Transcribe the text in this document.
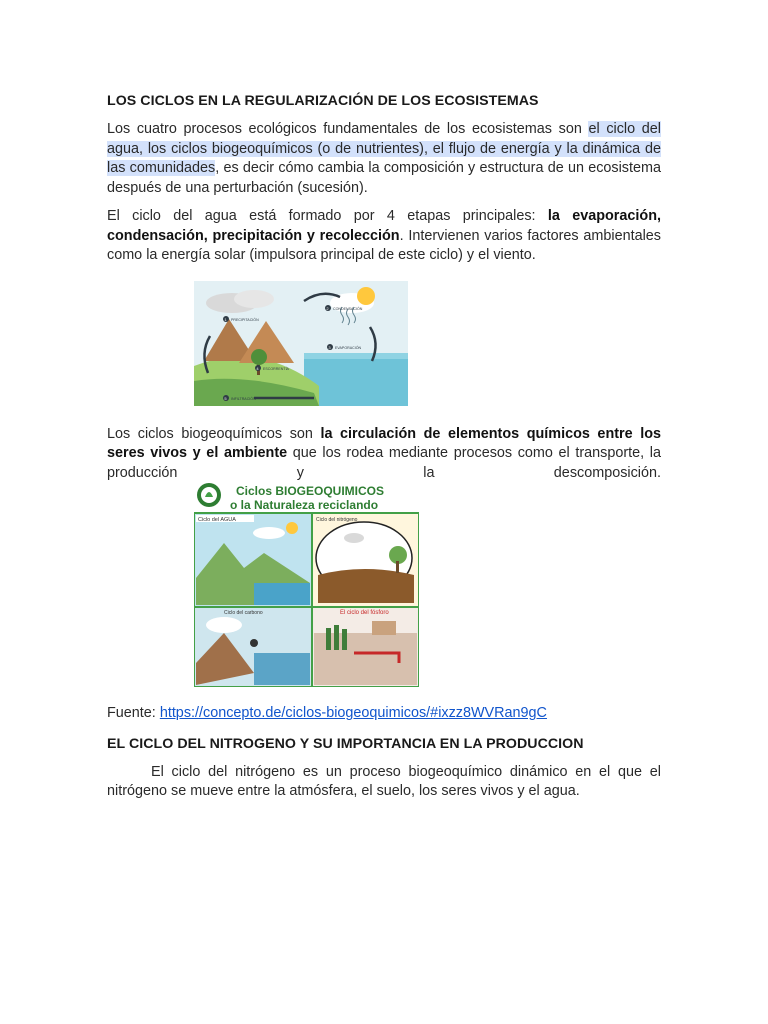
LOS CICLOS EN LA REGULARIZACIÓN DE LOS ECOSISTEMAS

Los cuatro procesos ecológicos fundamentales de los ecosistemas son el ciclo del agua, los ciclos biogeoquímicos (o de nutrientes), el flujo de energía y la dinámica de las comunidades, es decir cómo cambia la composición y estructura de un ecosistema después de una perturbación (sucesión).

El ciclo del agua está formado por 4 etapas principales: la evaporación, condensación, precipitación y recolección. Intervienen varios factores ambientales como la energía solar (impulsora principal de este ciclo) y el viento.

1
2
3
4
5
PRECIPITACIÓN
CONDENSACIÓN
EVAPORACIÓN
ESCORRENTÍA
INFILTRACIÓN

Los ciclos biogeoquímicos son la circulación de elementos químicos entre los seres vivos y el ambiente que los rodea mediante procesos como el transporte, la producción y la descomposición.

Ciclos BIOGEOQUIMICOS
o la Naturaleza reciclando
Ciclo del AGUA	Ciclo del nitrógeno
Ciclo del carbono	El ciclo del fósforo

Fuente: https://concepto.de/ciclos-biogeoquimicos/#ixzz8WVRan9gC

EL CICLO DEL NITROGENO Y SU IMPORTANCIA EN LA PRODUCCION

El ciclo del nitrógeno es un proceso biogeoquímico dinámico en el que el nitrógeno se mueve entre la atmósfera, el suelo, los seres vivos y el agua.
